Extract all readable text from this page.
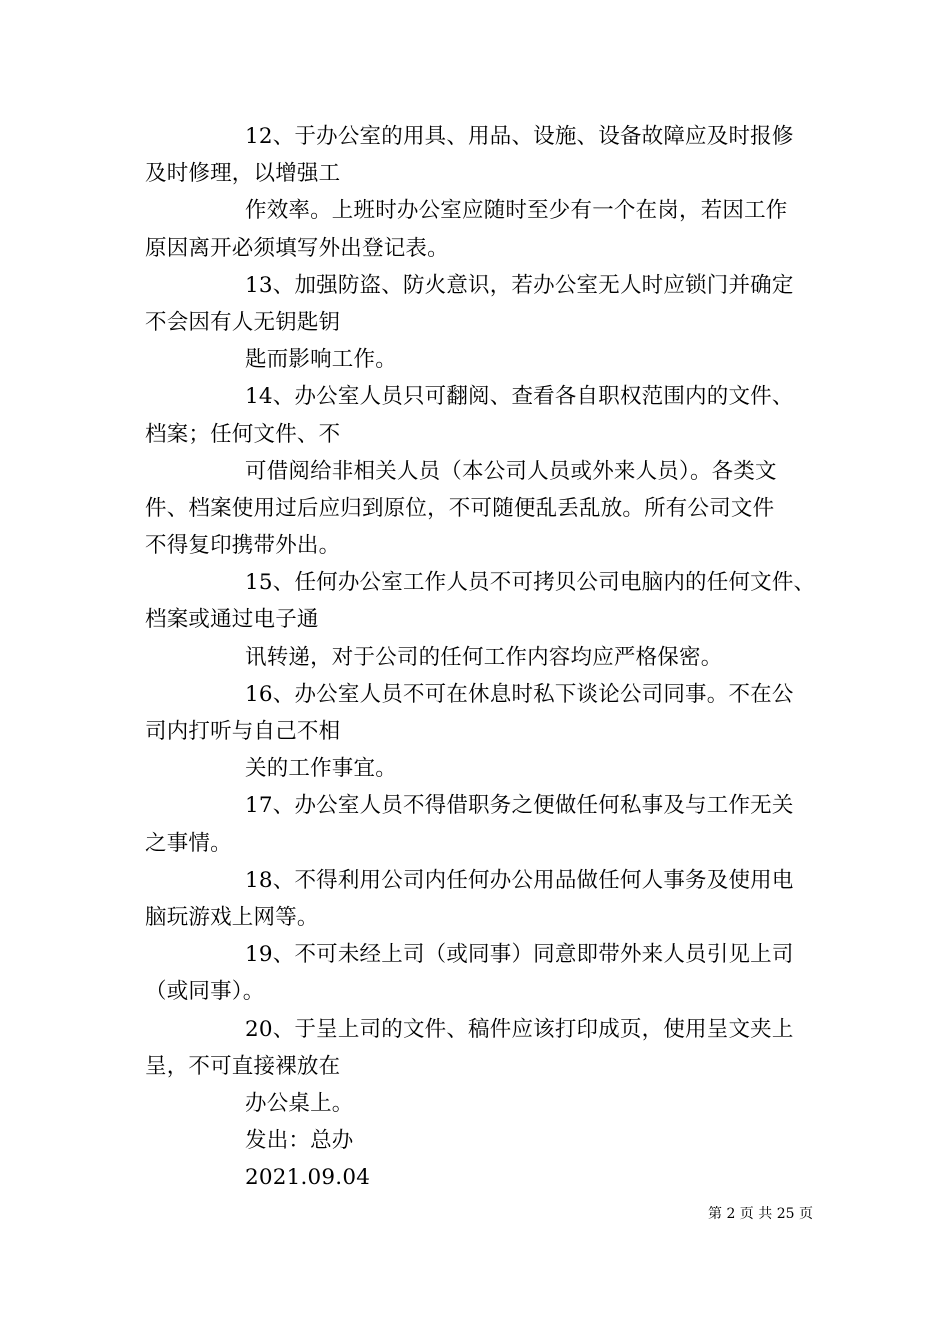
12、于办公室的用具、用品、设施、设备故障应及时报修
及时修理，以增强工
作效率。上班时办公室应随时至少有一个在岗，若因工作
原因离开必须填写外出登记表。
13、加强防盗、防火意识，若办公室无人时应锁门并确定
不会因有人无钥匙钥
匙而影响工作。
14、办公室人员只可翻阅、查看各自职权范围内的文件、
档案；任何文件、不
可借阅给非相关人员（本公司人员或外来人员）。各类文
件、档案使用过后应归到原位，不可随便乱丢乱放。所有公司文件
不得复印携带外出。
15、任何办公室工作人员不可拷贝公司电脑内的任何文件、
档案或通过电子通
讯转递，对于公司的任何工作内容均应严格保密。
16、办公室人员不可在休息时私下谈论公司同事。不在公
司内打听与自己不相
关的工作事宜。
17、办公室人员不得借职务之便做任何私事及与工作无关
之事情。
18、不得利用公司内任何办公用品做任何人事务及使用电
脑玩游戏上网等。
19、不可未经上司（或同事）同意即带外来人员引见上司
（或同事）。
20、于呈上司的文件、稿件应该打印成页，使用呈文夹上
呈，不可直接裸放在
办公桌上。
发出：总办
2021.09.04
第 2 页 共 25 页
